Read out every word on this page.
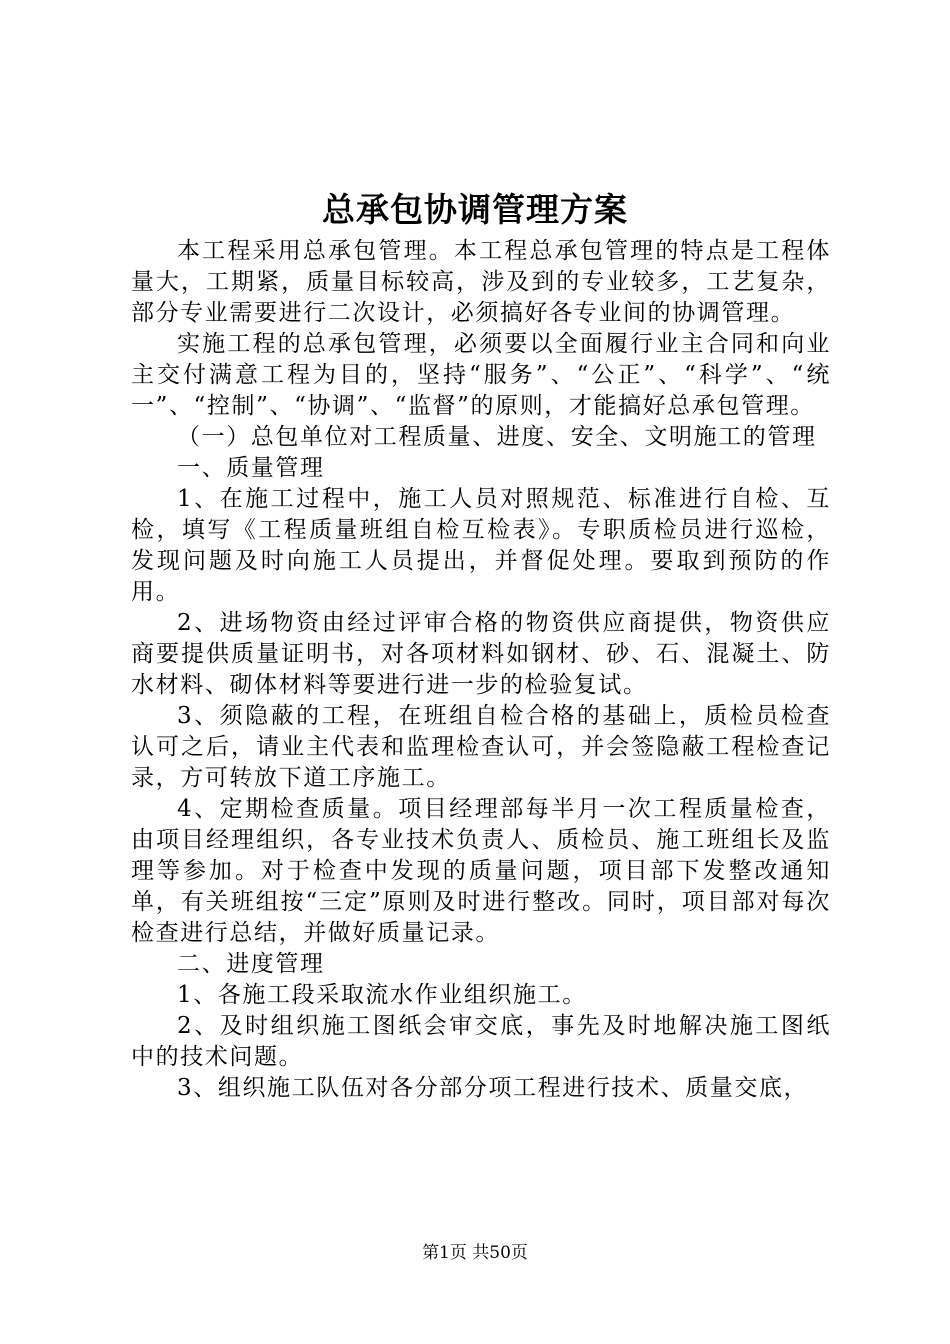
总承包协调管理方案

本工程采用总承包管理。本工程总承包管理的特点是工程体量大，工期紧，质量目标较高，涉及到的专业较多，工艺复杂，部分专业需要进行二次设计，必须搞好各专业间的协调管理。

实施工程的总承包管理，必须要以全面履行业主合同和向业主交付满意工程为目的，坚持“服务”、“公正”、“科学”、“统一”、“控制”、“协调”、“监督”的原则，才能搞好总承包管理。

（一）总包单位对工程质量、进度、安全、文明施工的管理

一、质量管理

1、在施工过程中，施工人员对照规范、标准进行自检、互检，填写《工程质量班组自检互检表》。专职质检员进行巡检，发现问题及时向施工人员提出，并督促处理。要取到预防的作用。

2、进场物资由经过评审合格的物资供应商提供，物资供应商要提供质量证明书，对各项材料如钢材、砂、石、混凝土、防水材料、砌体材料等要进行进一步的检验复试。

3、须隐蔽的工程，在班组自检合格的基础上，质检员检查认可之后，请业主代表和监理检查认可，并会签隐蔽工程检查记录，方可转放下道工序施工。

4、定期检查质量。项目经理部每半月一次工程质量检查，由项目经理组织，各专业技术负责人、质检员、施工班组长及监理等参加。对于检查中发现的质量问题，项目部下发整改通知单，有关班组按“三定”原则及时进行整改。同时，项目部对每次检查进行总结，并做好质量记录。

二、进度管理

1、各施工段采取流水作业组织施工。

2、及时组织施工图纸会审交底，事先及时地解决施工图纸中的技术问题。

3、组织施工队伍对各分部分项工程进行技术、质量交底，

第1页 共50页
